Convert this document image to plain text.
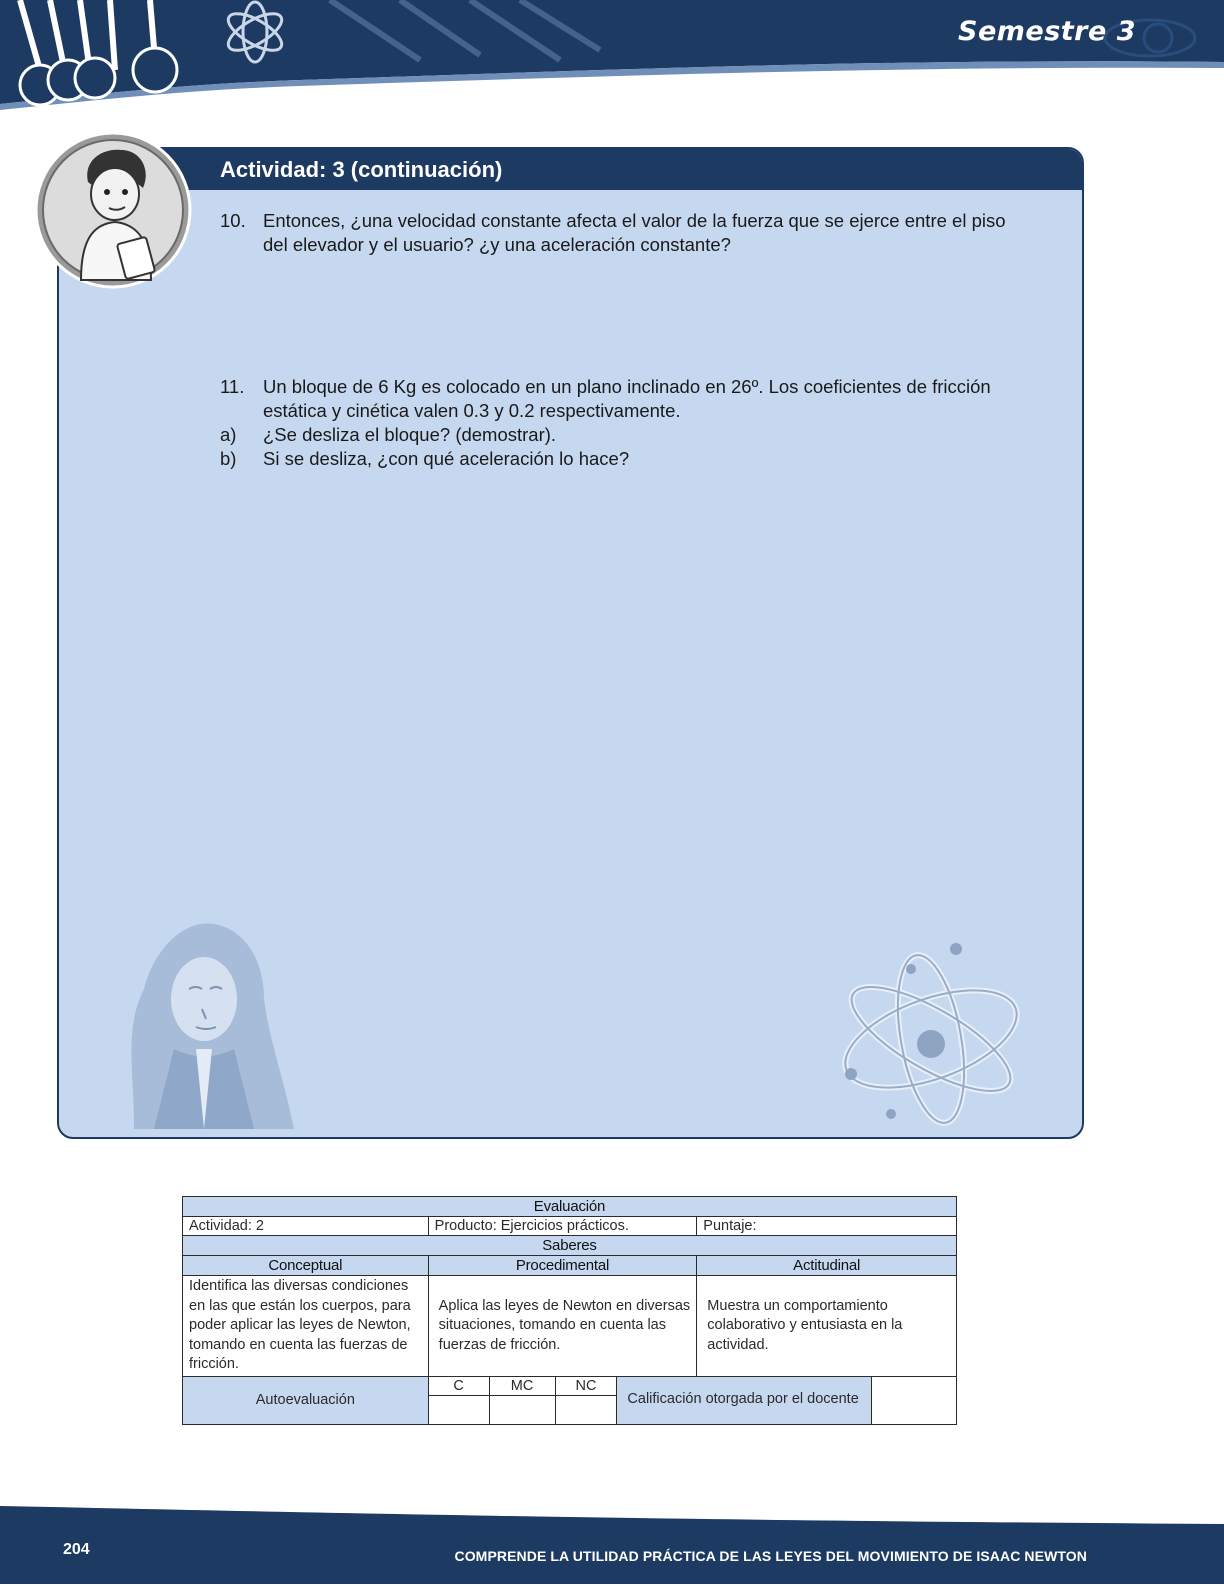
Semestre 3
Actividad: 3 (continuación)
10. Entonces, ¿una velocidad constante afecta el valor de la fuerza que se ejerce entre el piso
del elevador y el usuario? ¿y una aceleración constante?
11. Un bloque de 6 Kg es colocado en un plano inclinado en 26º. Los coeficientes de fricción
estática y cinética valen 0.3 y 0.2 respectivamente.
a) ¿Se desliza el bloque? (demostrar).
b) Si se desliza, ¿con qué aceleración lo hace?
Evaluación						
Actividad: 2	Producto: Ejercicios prácticos.				Puntaje:	
Saberes						
Conceptual	Procedimental				Actitudinal	
Identifica las diversas condiciones en las que están los cuerpos, para poder aplicar las leyes de Newton, tomando en cuenta las fuerzas de fricción.	Aplica las leyes de Newton en diversas situaciones, tomando en cuenta las fuerzas de fricción.				Muestra un comportamiento colaborativo y entusiasta en la actividad.	
Autoevaluación	C	MC	NC	Calificación otorgada por el docente		

204	COMPRENDE LA UTILIDAD PRÁCTICA DE LAS LEYES DEL MOVIMIENTO DE ISAAC NEWTON
